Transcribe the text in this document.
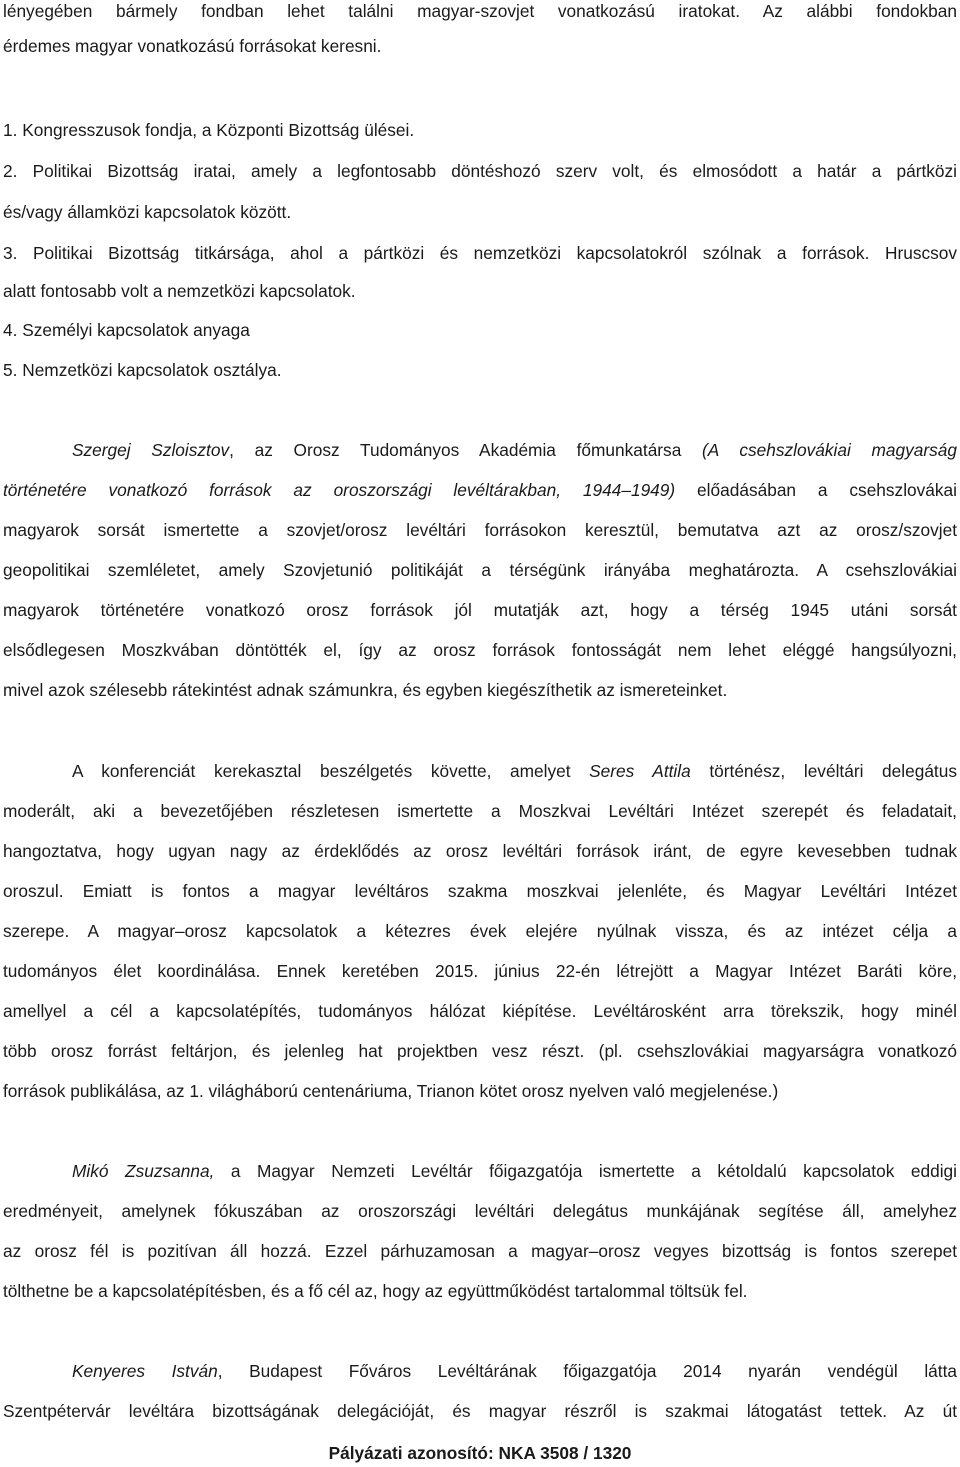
lényegében bármely fondban lehet találni magyar-szovjet vonatkozású iratokat. Az alábbi fondokban
érdemes magyar vonatkozású forrásokat keresni.
1. Kongresszusok fondja, a Központi Bizottság ülései.
2. Politikai Bizottság iratai, amely a legfontosabb döntéshozó szerv volt, és elmosódott a határ a pártközi
és/vagy államközi kapcsolatok között.
3. Politikai Bizottság titkársága, ahol a pártközi és nemzetközi kapcsolatokról szólnak a források. Hruscsov
alatt fontosabb volt a nemzetközi kapcsolatok.
4. Személyi kapcsolatok anyaga
5. Nemzetközi kapcsolatok osztálya.
Szergej Szloisztov, az Orosz Tudományos Akadémia főmunkatársa (A csehszlovákiai magyarság
történetére vonatkozó források az oroszországi levéltárakban, 1944–1949) előadásában a csehszlovákai
magyarok sorsát ismertette a szovjet/orosz levéltári forrásokon keresztül, bemutatva azt az orosz/szovjet
geopolitikai szemléletet, amely Szovjetunió politikáját a térségünk irányába meghatározta. A csehszlovákiai
magyarok történetére vonatkozó orosz források jól mutatják azt, hogy a térség 1945 utáni sorsát
elsődlegesen Moszkvában döntötték el, így az orosz források fontosságát nem lehet eléggé hangsúlyozni,
mivel azok szélesebb rátekintést adnak számunkra, és egyben kiegészíthetik az ismereteinket.
A konferenciát kerekasztal beszélgetés követte, amelyet Seres Attila történész, levéltári delegátus
moderált, aki a bevezetőjében részletesen ismertette a Moszkvai Levéltári Intézet szerepét és feladatait,
hangoztatva, hogy ugyan nagy az érdeklődés az orosz levéltári források iránt, de egyre kevesebben tudnak
oroszul. Emiatt is fontos a magyar levéltáros szakma moszkvai jelenléte, és Magyar Levéltári Intézet
szerepe. A magyar–orosz kapcsolatok a kétezres évek elejére nyúlnak vissza, és az intézet célja a
tudományos élet koordinálása. Ennek keretében 2015. június 22-én létrejött a Magyar Intézet Baráti köre,
amellyel a cél a kapcsolatépítés, tudományos hálózat kiépítése. Levéltárosként arra törekszik, hogy minél
több orosz forrást feltárjon, és jelenleg hat projektben vesz részt. (pl. csehszlovákiai magyarságra vonatkozó
források publikálása, az 1. világháború centenáriuma, Trianon kötet orosz nyelven való megjelenése.)
Mikó Zsuzsanna, a Magyar Nemzeti Levéltár főigazgatója ismertette a kétoldalú kapcsolatok eddigi
eredményeit, amelynek fókuszában az oroszországi levéltári delegátus munkájának segítése áll, amelyhez
az orosz fél is pozitívan áll hozzá. Ezzel párhuzamosan a magyar–orosz vegyes bizottság is fontos szerepet
tölthetne be a kapcsolatépítésben, és a fő cél az, hogy az együttműködést tartalommal töltsük fel.
Kenyeres István, Budapest Főváros Levéltárának főigazgatója 2014 nyarán vendégül látta
Szentpétervár levéltára bizottságának delegációját, és magyar részről is szakmai látogatást tettek. Az út
Pályázati azonosító: NKA 3508 / 1320
